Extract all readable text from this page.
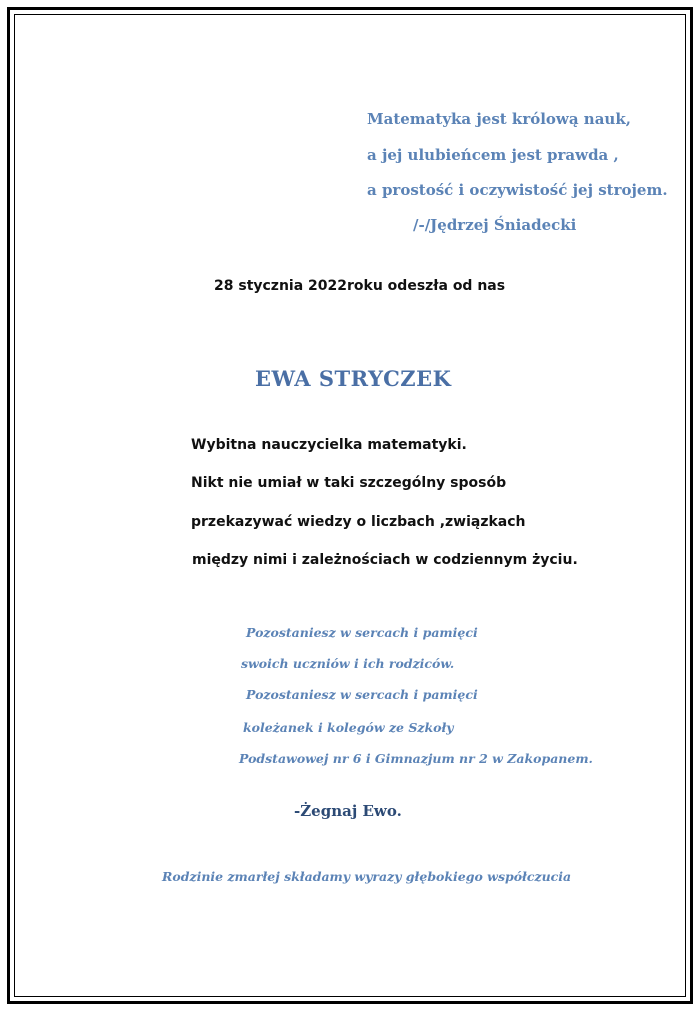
Matematyka jest królową nauk,

a jej ulubieńcem jest prawda ,

a prostość i oczywistość jej strojem.

/-/Jędrzej Śniadecki

28 stycznia 2022roku odeszła od nas

EWA STRYCZEK

Wybitna nauczycielka matematyki.

Nikt nie umiał w taki szczególny sposób

przekazywać wiedzy o liczbach ,związkach

między nimi i zależnościach w codziennym życiu.

Pozostaniesz w sercach i pamięci

swoich uczniów i ich rodziców.

Pozostaniesz w sercach i pamięci

koleżanek i kolegów ze Szkoły

Podstawowej nr 6 i Gimnazjum nr 2 w Zakopanem.

-Żegnaj Ewo.

Rodzinie zmarłej składamy wyrazy głębokiego współczucia
